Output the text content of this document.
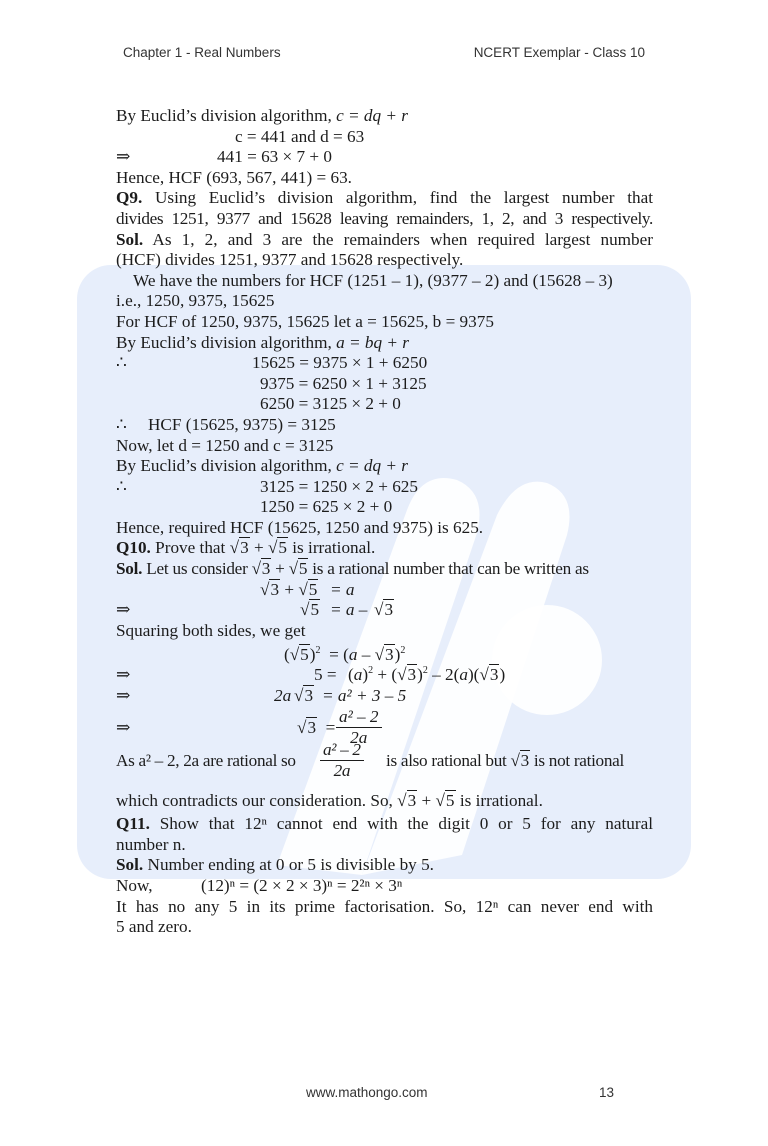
Chapter 1 - Real Numbers	NCERT Exemplar - Class 10
By Euclid’s division algorithm, c = dq + r
c = 441 and d = 63
⇒	441 = 63 × 7 + 0
Hence, HCF (693, 567, 441) = 63.
Q9. Using Euclid’s division algorithm, find the largest number that
divides 1251, 9377 and 15628 leaving remainders, 1, 2, and 3 respectively.
Sol. As 1, 2, and 3 are the remainders when required largest number
(HCF) divides 1251, 9377 and 15628 respectively.
We have the numbers for HCF (1251 – 1), (9377 – 2) and (15628 – 3)
i.e., 1250, 9375, 15625
For HCF of 1250, 9375, 15625 let a = 15625, b = 9375
By Euclid’s division algorithm, a = bq + r
∴	15625 = 9375 × 1 + 6250
9375 = 6250 × 1 + 3125
6250 = 3125 × 2 + 0
∴ HCF (15625, 9375) = 3125
Now, let d = 1250 and c = 3125
By Euclid’s division algorithm, c = dq + r
∴	3125 = 1250 × 2 + 625
1250 = 625 × 2 + 0
Hence, required HCF (15625, 1250 and 9375) is 625.
Q10. Prove that √3 + √5 is irrational.
Sol. Let us consider √3 + √5 is a rational number that can be written as
√3 + √5 = a
⇒	√5 = a – √3
Squaring both sides, we get
$(√5)^2 = (a - √3)^2$
⇒	$5 = (a)^2 + (√3)^2 - 2(a)(√3)$
⇒	2a √3 = a² + 3 – 5
⇒	$√3 = \frac{\text{a² – 2}}{2a}$
As a² – 2, 2a are rational so $\frac{\text{a² – 2}}{2a}$ is also rational but √3 is not rational
which contradicts our consideration. So, √3 + √5 is irrational.
Q11. Show that 12ⁿ cannot end with the digit 0 or 5 for any natural
number n.
Sol. Number ending at 0 or 5 is divisible by 5.
Now,	(12)ⁿ = (2 × 2 × 3)ⁿ = 2²ⁿ × 3ⁿ
It has no any 5 in its prime factorisation. So, 12ⁿ can never end with
5 and zero.
www.mathongo.com	13
